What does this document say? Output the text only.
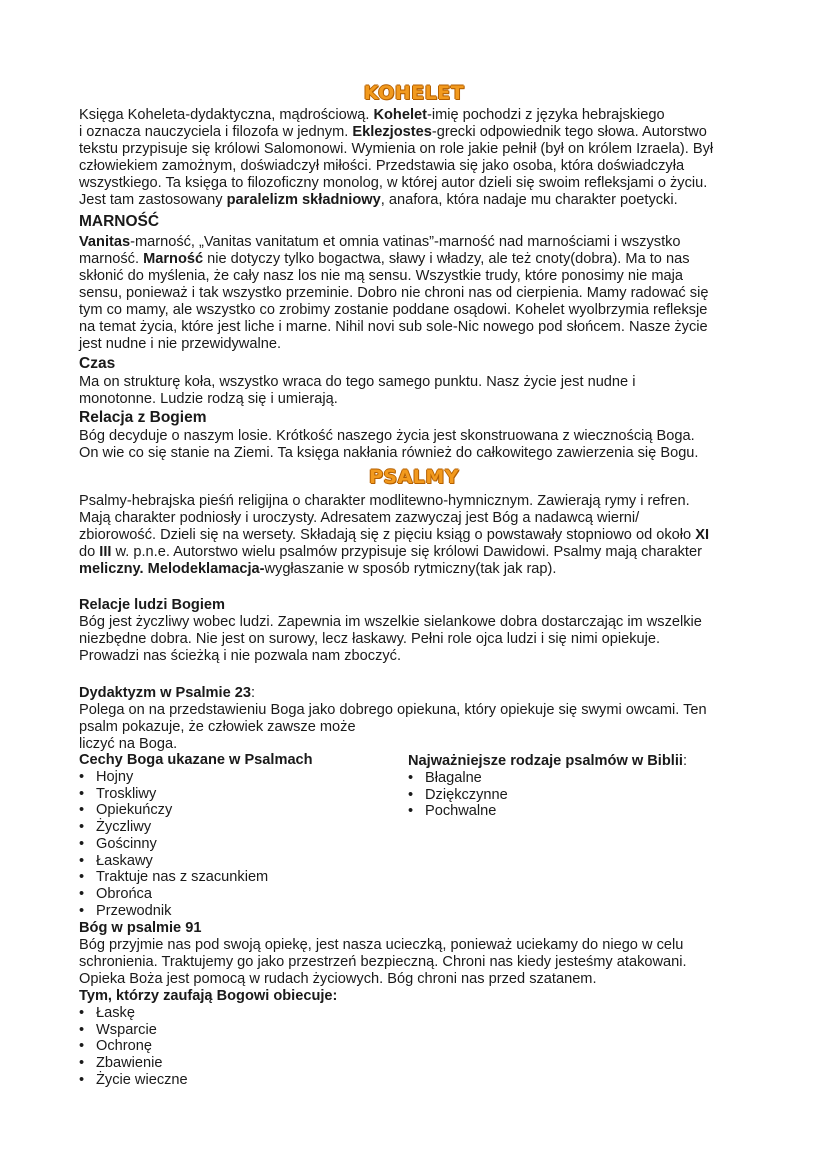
KOHELET
Księga Koheleta-dydaktyczna, mądrościową. Kohelet-imię pochodzi z języka hebrajskiego
i oznacza nauczyciela i filozofa w jednym. Eklezjostes-grecki odpowiednik tego słowa. Autorstwo
tekstu przypisuje się królowi Salomonowi. Wymienia on role jakie pełnił (był on królem Izraela). Był
człowiekiem zamożnym, doświadczył miłości. Przedstawia się jako osoba, która doświadczyła
wszystkiego. Ta księga to filozoficzny monolog, w której autor dzieli się swoim refleksjami o życiu.
Jest tam zastosowany paralelizm składniowy, anafora, która nadaje mu charakter poetycki.
MARNOŚĆ
Vanitas-marność, „Vanitas vanitatum et omnia vatinas”-marność nad marnościami i wszystko
marność. Marność nie dotyczy tylko bogactwa, sławy i władzy, ale też cnoty(dobra). Ma to nas
skłonić do myślenia, że cały nasz los nie mą sensu. Wszystkie trudy, które ponosimy nie maja
sensu, ponieważ i tak wszystko przeminie. Dobro nie chroni nas od cierpienia. Mamy radować się
tym co mamy, ale wszystko co zrobimy zostanie poddane osądowi. Kohelet wyolbrzymia refleksje
na temat życia, które jest liche i marne. Nihil novi sub sole-Nic nowego pod słońcem. Nasze życie
jest nudne i nie przewidywalne.
Czas
Ma on strukturę koła, wszystko wraca do tego samego punktu. Nasz życie jest nudne i
monotonne. Ludzie rodzą się i umierają.
Relacja z Bogiem
Bóg decyduje o naszym losie. Krótkość naszego życia jest skonstruowana z wiecznością Boga.
On wie co się stanie na Ziemi. Ta księga nakłania również do całkowitego zawierzenia się Bogu.
PSALMY
Psalmy-hebrajska pieśń religijna o charakter modlitewno-hymnicznym. Zawierają rymy i refren.
Mają charakter podniosły i uroczysty. Adresatem zazwyczaj jest Bóg a nadawcą wierni/
zbiorowość. Dzieli się na wersety. Składają się z pięciu ksiąg o powstawały stopniowo od około XI
do III w. p.n.e. Autorstwo wielu psalmów przypisuje się królowi Dawidowi. Psalmy mają charakter
meliczny. Melodeklamacja-wygłaszanie w sposób rytmiczny(tak jak rap).
Relacje ludzi Bogiem
Bóg jest życzliwy wobec ludzi. Zapewnia im wszelkie sielankowe dobra dostarczając im wszelkie
niezbędne dobra. Nie jest on surowy, lecz łaskawy. Pełni role ojca ludzi i się nimi opiekuje.
Prowadzi nas ścieżką i nie pozwala nam zboczyć.
Dydaktyzm w Psalmie 23:
Polega on na przedstawieniu Boga jako dobrego opiekuna, który opiekuje się swymi owcami. Ten
psalm pokazuje, że człowiek zawsze może
liczyć na Boga.
Cechy Boga ukazane w Psalmach
• Hojny
• Troskliwy
• Opiekuńczy
• Życzliwy
• Gościnny
• Łaskawy
• Traktuje nas z szacunkiem
• Obrońca
• Przewodnik
Najważniejsze rodzaje psalmów w Biblii:
• Błagalne
• Dziękczynne
• Pochwalne
Bóg w psalmie 91
Bóg przyjmie nas pod swoją opiekę, jest nasza ucieczką, ponieważ uciekamy do niego w celu
schronienia. Traktujemy go jako przestrzeń bezpieczną. Chroni nas kiedy jesteśmy atakowani.
Opieka Boża jest pomocą w rudach życiowych. Bóg chroni nas przed szatanem.
Tym, którzy zaufają Bogowi obiecuje:
• Łaskę
• Wsparcie
• Ochronę
• Zbawienie
• Życie wieczne
